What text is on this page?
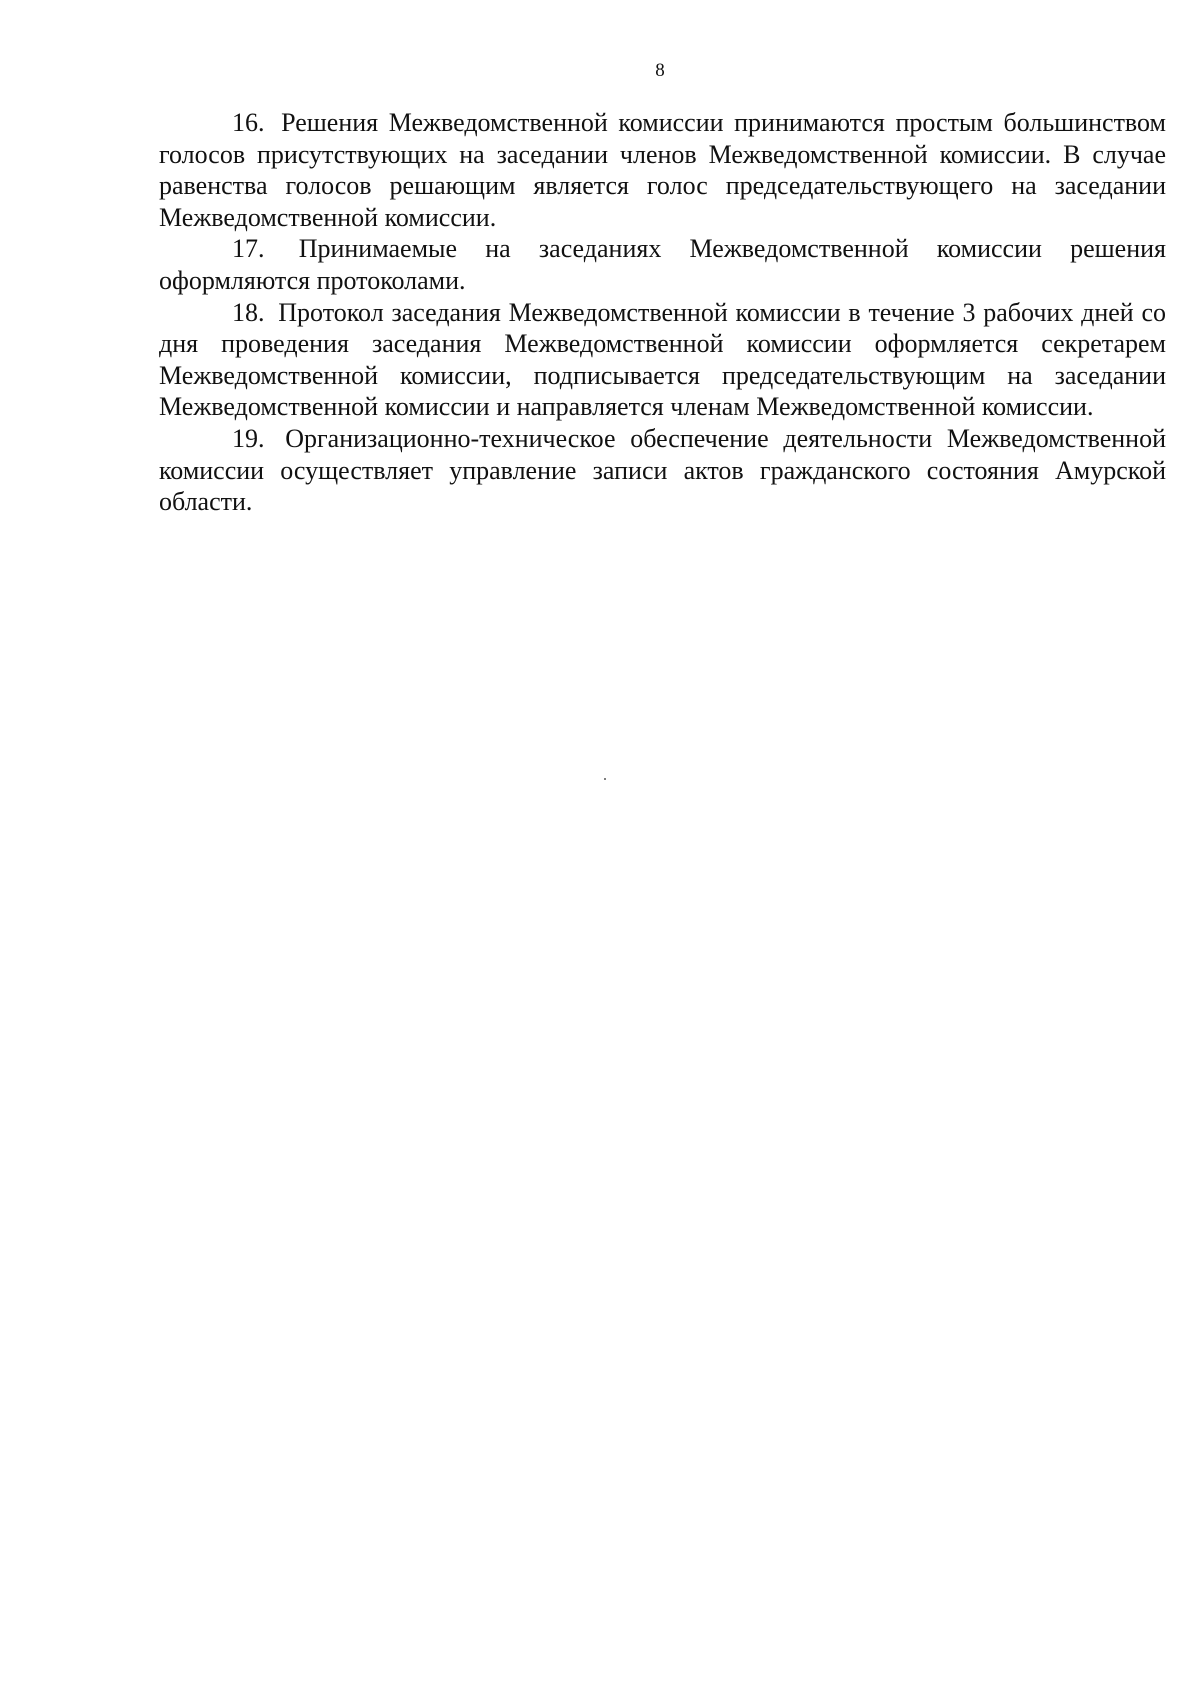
8

16. Решения Межведомственной комиссии принимаются простым большинством голосов присутствующих на заседании членов Межведомственной комиссии. В случае равенства голосов решающим является голос председательствующего на заседании Межведомственной комиссии.

17. Принимаемые на заседаниях Межведомственной комиссии решения оформляются протоколами.

18. Протокол заседания Межведомственной комиссии в течение 3 рабочих дней со дня проведения заседания Межведомственной комиссии оформляется секретарем Межведомственной комиссии, подписывается председательствующим на заседании Межведомственной комиссии и направляется членам Межведомственной комиссии.

19. Организационно-техническое обеспечение деятельности Межведомственной комиссии осуществляет управление записи актов гражданского состояния Амурской области.
